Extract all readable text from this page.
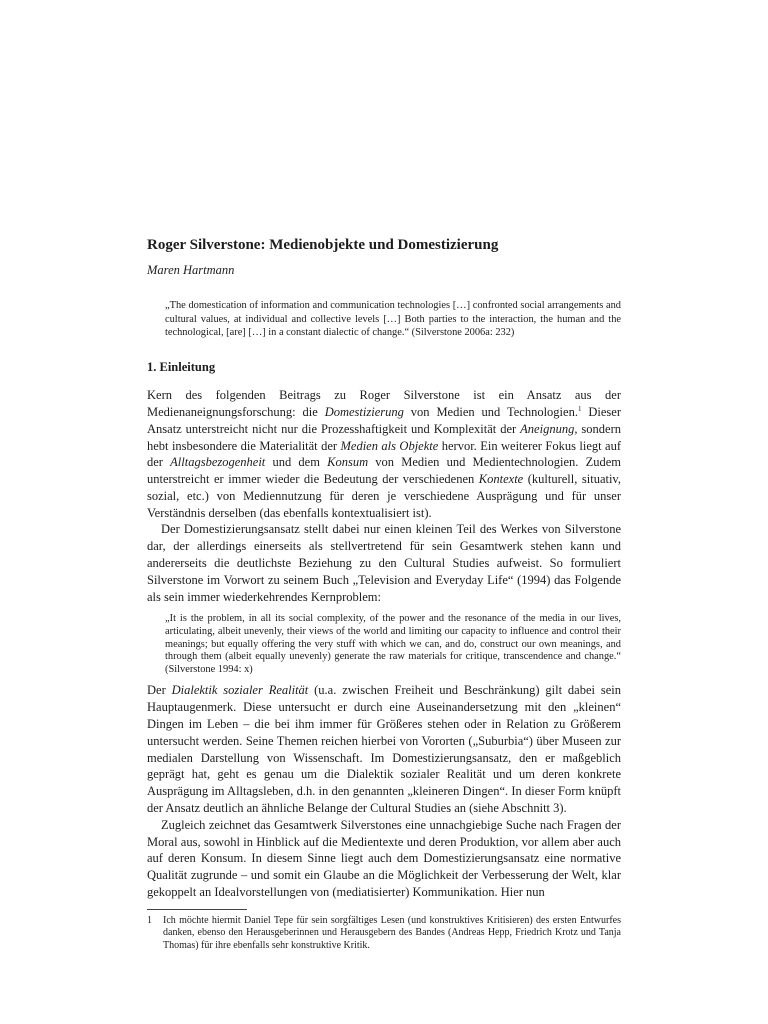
Roger Silverstone: Medienobjekte und Domestizierung
Maren Hartmann
„The domestication of information and communication technologies […] confronted social arrangements and cultural values, at individual and collective levels […] Both parties to the interaction, the human and the technological, [are] […] in a constant dialectic of change.“ (Silverstone 2006a: 232)
1. Einleitung

Kern des folgenden Beitrags zu Roger Silverstone ist ein Ansatz aus der Medienaneignungsforschung: die Domestizierung von Medien und Technologien.$^1$ Dieser Ansatz unterstreicht nicht nur die Prozesshaftigkeit und Komplexität der Aneignung, sondern hebt insbesondere die Materialität der Medien als Objekte hervor. Ein weiterer Fokus liegt auf der Alltagsbezogenheit und dem Konsum von Medien und Medientechnologien. Zudem unterstreicht er immer wieder die Bedeutung der verschiedenen Kontexte (kulturell, situativ, sozial, etc.) von Mediennutzung für deren je verschiedene Ausprägung und für unser Verständnis derselben (das ebenfalls kontextualisiert ist).

Der Domestizierungsansatz stellt dabei nur einen kleinen Teil des Werkes von Silverstone dar, der allerdings einerseits als stellvertretend für sein Gesamtwerk stehen kann und andererseits die deutlichste Beziehung zu den Cultural Studies aufweist. So formuliert Silverstone im Vorwort zu seinem Buch „Television and Everyday Life“ (1994) das Folgende als sein immer wiederkehrendes Kernproblem:

„It is the problem, in all its social complexity, of the power and the resonance of the media in our lives, articulating, albeit unevenly, their views of the world and limiting our capacity to influence and control their meanings; but equally offering the very stuff with which we can, and do, construct our own meanings, and through them (albeit equally unevenly) generate the raw materials for critique, transcendence and change.“ (Silverstone 1994: x)

Der Dialektik sozialer Realität (u.a. zwischen Freiheit und Beschränkung) gilt dabei sein Hauptaugenmerk. Diese untersucht er durch eine Auseinandersetzung mit den „kleinen“ Dingen im Leben – die bei ihm immer für Größeres stehen oder in Relation zu Größerem untersucht werden. Seine Themen reichen hierbei von Vororten („Suburbia“) über Museen zur medialen Darstellung von Wissenschaft. Im Domestizierungsansatz, den er maßgeblich geprägt hat, geht es genau um die Dialektik sozialer Realität und um deren konkrete Ausprägung im Alltagsleben, d.h. in den genannten „kleineren Dingen“. In dieser Form knüpft der Ansatz deutlich an ähnliche Belange der Cultural Studies an (siehe Abschnitt 3).

Zugleich zeichnet das Gesamtwerk Silverstones eine unnachgiebige Suche nach Fragen der Moral aus, sowohl in Hinblick auf die Medientexte und deren Produktion, vor allem aber auch auf deren Konsum. In diesem Sinne liegt auch dem Domestizierungsansatz eine normative Qualität zugrunde – und somit ein Glaube an die Möglichkeit der Verbesserung der Welt, klar gekoppelt an Idealvorstellungen von (mediatisierter) Kommunikation. Hier nun

1 Ich möchte hiermit Daniel Tepe für sein sorgfältiges Lesen (und konstruktives Kritisieren) des ersten Entwurfes danken, ebenso den Herausgeberinnen und Herausgebern des Bandes (Andreas Hepp, Friedrich Krotz und Tanja Thomas) für ihre ebenfalls sehr konstruktive Kritik.
